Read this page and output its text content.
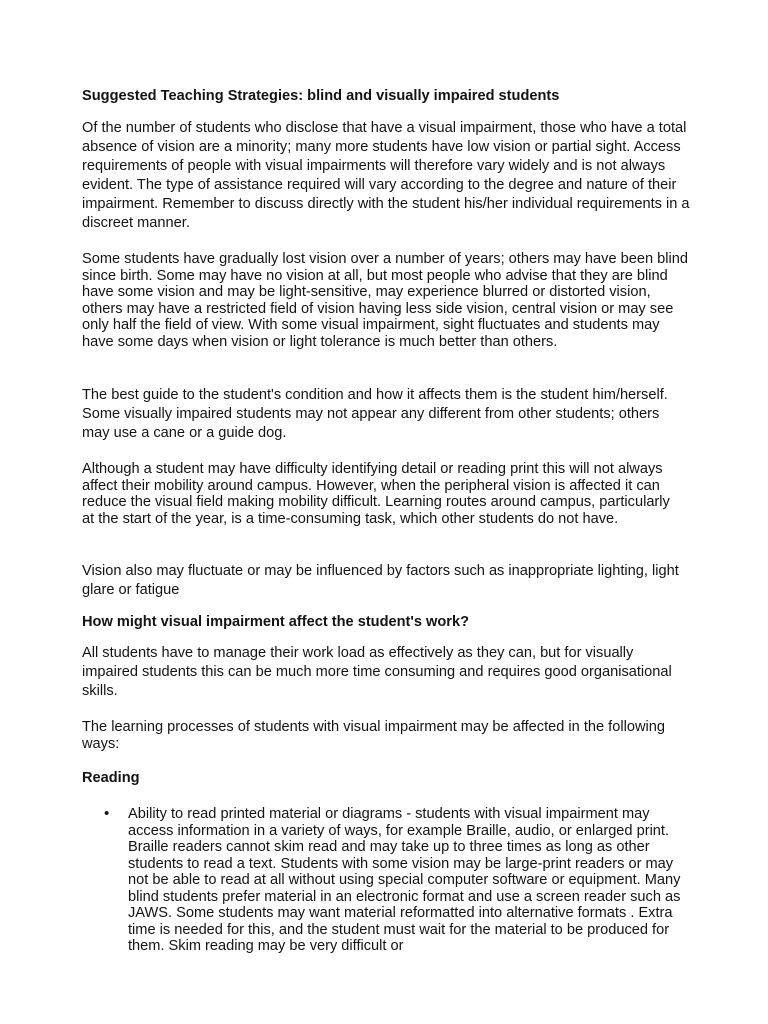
Suggested Teaching Strategies: blind and visually impaired students

Of the number of students who disclose that have a visual impairment, those who have a total absence of vision are a minority; many more students have low vision or partial sight. Access requirements of people with visual impairments will therefore vary widely and is not always evident. The type of assistance required will vary according to the degree and nature of their impairment. Remember to discuss directly with the student his/her individual requirements in a discreet manner.

Some students have gradually lost vision over a number of years; others may have been blind since birth. Some may have no vision at all, but most people who advise that they are blind have some vision and may be light-sensitive, may experience blurred or distorted vision, others may have a restricted field of vision having less side vision, central vision or may see only half the field of view. With some visual impairment, sight fluctuates and students may have some days when vision or light tolerance is much better than others.

The best guide to the student's condition and how it affects them is the student him/herself. Some visually impaired students may not appear any different from other students; others may use a cane or a guide dog.

Although a student may have difficulty identifying detail or reading print this will not always affect their mobility around campus. However, when the peripheral vision is affected it can reduce the visual field making mobility difficult. Learning routes around campus, particularly at the start of the year, is a time-consuming task, which other students do not have.

Vision also may fluctuate or may be influenced by factors such as inappropriate lighting, light glare or fatigue

How might visual impairment affect the student's work?

All students have to manage their work load as effectively as they can, but for visually impaired students this can be much more time consuming and requires good organisational skills.

The learning processes of students with visual impairment may be affected in the following ways:

Reading

• Ability to read printed material or diagrams - students with visual impairment may access information in a variety of ways, for example Braille, audio, or enlarged print. Braille readers cannot skim read and may take up to three times as long as other students to read a text. Students with some vision may be large-print readers or may not be able to read at all without using special computer software or equipment. Many blind students prefer material in an electronic format and use a screen reader such as JAWS. Some students may want material reformatted into alternative formats . Extra time is needed for this, and the student must wait for the material to be produced for them. Skim reading may be very difficult or
